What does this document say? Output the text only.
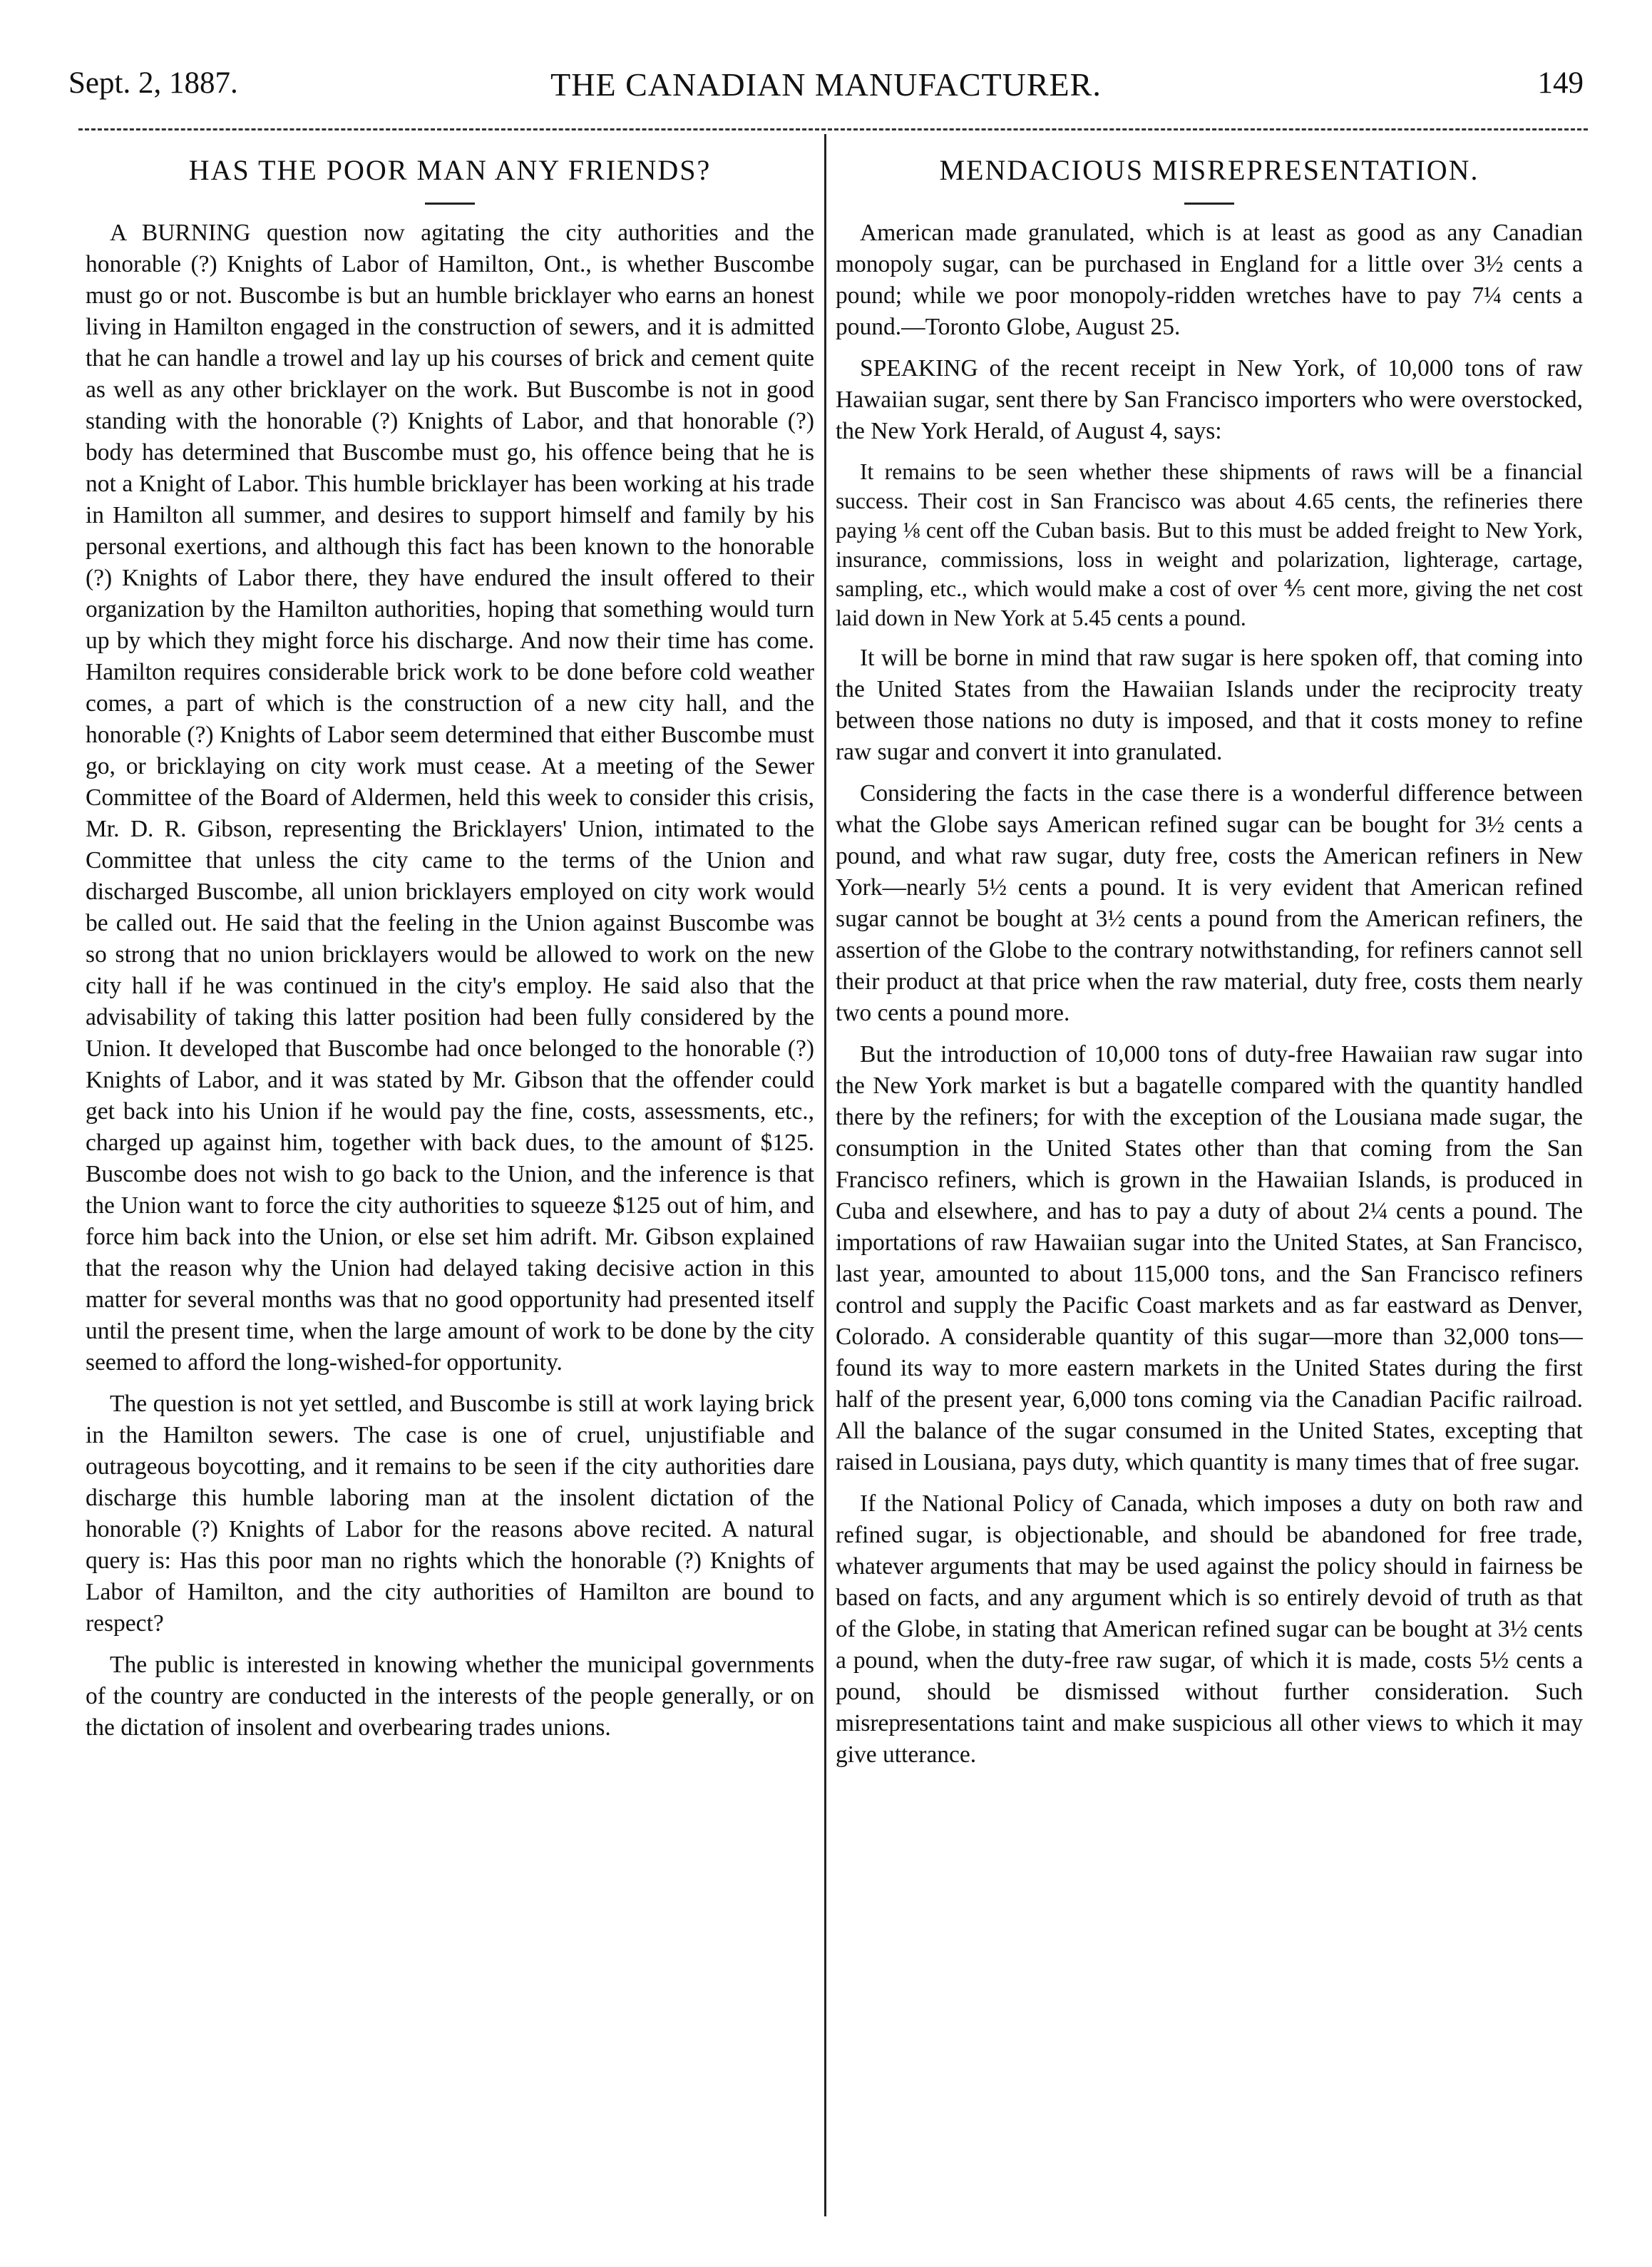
Sept. 2, 1887.	THE CANADIAN MANUFACTURER.	149
HAS THE POOR MAN ANY FRIENDS?

A BURNING question now agitating the city authorities and the honorable (?) Knights of Labor of Hamilton, Ont., is whether Buscombe must go or not. Buscombe is but an humble bricklayer who earns an honest living in Hamilton engaged in the construction of sewers, and it is admitted that he can handle a trowel and lay up his courses of brick and cement quite as well as any other bricklayer on the work. But Buscombe is not in good standing with the honorable (?) Knights of Labor, and that honorable (?) body has determined that Buscombe must go, his offence being that he is not a Knight of Labor. This humble bricklayer has been working at his trade in Hamilton all summer, and desires to support himself and family by his personal exertions, and although this fact has been known to the honorable (?) Knights of Labor there, they have endured the insult offered to their organization by the Hamilton authorities, hoping that something would turn up by which they might force his discharge. And now their time has come. Hamilton requires considerable brick work to be done before cold weather comes, a part of which is the construction of a new city hall, and the honorable (?) Knights of Labor seem determined that either Buscombe must go, or bricklaying on city work must cease. At a meeting of the Sewer Committee of the Board of Aldermen, held this week to consider this crisis, Mr. D. R. Gibson, representing the Bricklayers' Union, intimated to the Committee that unless the city came to the terms of the Union and discharged Buscombe, all union bricklayers employed on city work would be called out. He said that the feeling in the Union against Buscombe was so strong that no union bricklayers would be allowed to work on the new city hall if he was continued in the city's employ. He said also that the advisability of taking this latter position had been fully considered by the Union. It developed that Buscombe had once belonged to the honorable (?) Knights of Labor, and it was stated by Mr. Gibson that the offender could get back into his Union if he would pay the fine, costs, assessments, etc., charged up against him, together with back dues, to the amount of $125. Buscombe does not wish to go back to the Union, and the inference is that the Union want to force the city authorities to squeeze $125 out of him, and force him back into the Union, or else set him adrift. Mr. Gibson explained that the reason why the Union had delayed taking decisive action in this matter for several months was that no good opportunity had presented itself until the present time, when the large amount of work to be done by the city seemed to afford the long-wished-for opportunity.

The question is not yet settled, and Buscombe is still at work laying brick in the Hamilton sewers. The case is one of cruel, unjustifiable and outrageous boycotting, and it remains to be seen if the city authorities dare discharge this humble laboring man at the insolent dictation of the honorable (?) Knights of Labor for the reasons above recited. A natural query is: Has this poor man no rights which the honorable (?) Knights of Labor of Hamilton, and the city authorities of Hamilton are bound to respect?

The public is interested in knowing whether the municipal governments of the country are conducted in the interests of the people generally, or on the dictation of insolent and overbearing trades unions.

MENDACIOUS MISREPRESENTATION.

American made granulated, which is at least as good as any Canadian monopoly sugar, can be purchased in England for a little over 3½ cents a pound; while we poor monopoly-ridden wretches have to pay 7¼ cents a pound.—Toronto Globe, August 25.

SPEAKING of the recent receipt in New York, of 10,000 tons of raw Hawaiian sugar, sent there by San Francisco importers who were overstocked, the New York Herald, of August 4, says:

It remains to be seen whether these shipments of raws will be a financial success. Their cost in San Francisco was about 4.65 cents, the refineries there paying ⅛ cent off the Cuban basis. But to this must be added freight to New York, insurance, commissions, loss in weight and polarization, lighterage, cartage, sampling, etc., which would make a cost of over ⅘ cent more, giving the net cost laid down in New York at 5.45 cents a pound.

It will be borne in mind that raw sugar is here spoken off, that coming into the United States from the Hawaiian Islands under the reciprocity treaty between those nations no duty is imposed, and that it costs money to refine raw sugar and convert it into granulated.

Considering the facts in the case there is a wonderful difference between what the Globe says American refined sugar can be bought for 3½ cents a pound, and what raw sugar, duty free, costs the American refiners in New York—nearly 5½ cents a pound. It is very evident that American refined sugar cannot be bought at 3½ cents a pound from the American refiners, the assertion of the Globe to the contrary notwithstanding, for refiners cannot sell their product at that price when the raw material, duty free, costs them nearly two cents a pound more.

But the introduction of 10,000 tons of duty-free Hawaiian raw sugar into the New York market is but a bagatelle compared with the quantity handled there by the refiners; for with the exception of the Lousiana made sugar, the consumption in the United States other than that coming from the San Francisco refiners, which is grown in the Hawaiian Islands, is produced in Cuba and elsewhere, and has to pay a duty of about 2¼ cents a pound. The importations of raw Hawaiian sugar into the United States, at San Francisco, last year, amounted to about 115,000 tons, and the San Francisco refiners control and supply the Pacific Coast markets and as far eastward as Denver, Colorado. A considerable quantity of this sugar—more than 32,000 tons—found its way to more eastern markets in the United States during the first half of the present year, 6,000 tons coming via the Canadian Pacific railroad. All the balance of the sugar consumed in the United States, excepting that raised in Lousiana, pays duty, which quantity is many times that of free sugar.

If the National Policy of Canada, which imposes a duty on both raw and refined sugar, is objectionable, and should be abandoned for free trade, whatever arguments that may be used against the policy should in fairness be based on facts, and any argument which is so entirely devoid of truth as that of the Globe, in stating that American refined sugar can be bought at 3½ cents a pound, when the duty-free raw sugar, of which it is made, costs 5½ cents a pound, should be dismissed without further consideration. Such misrepresentations taint and make suspicious all other views to which it may give utterance.
